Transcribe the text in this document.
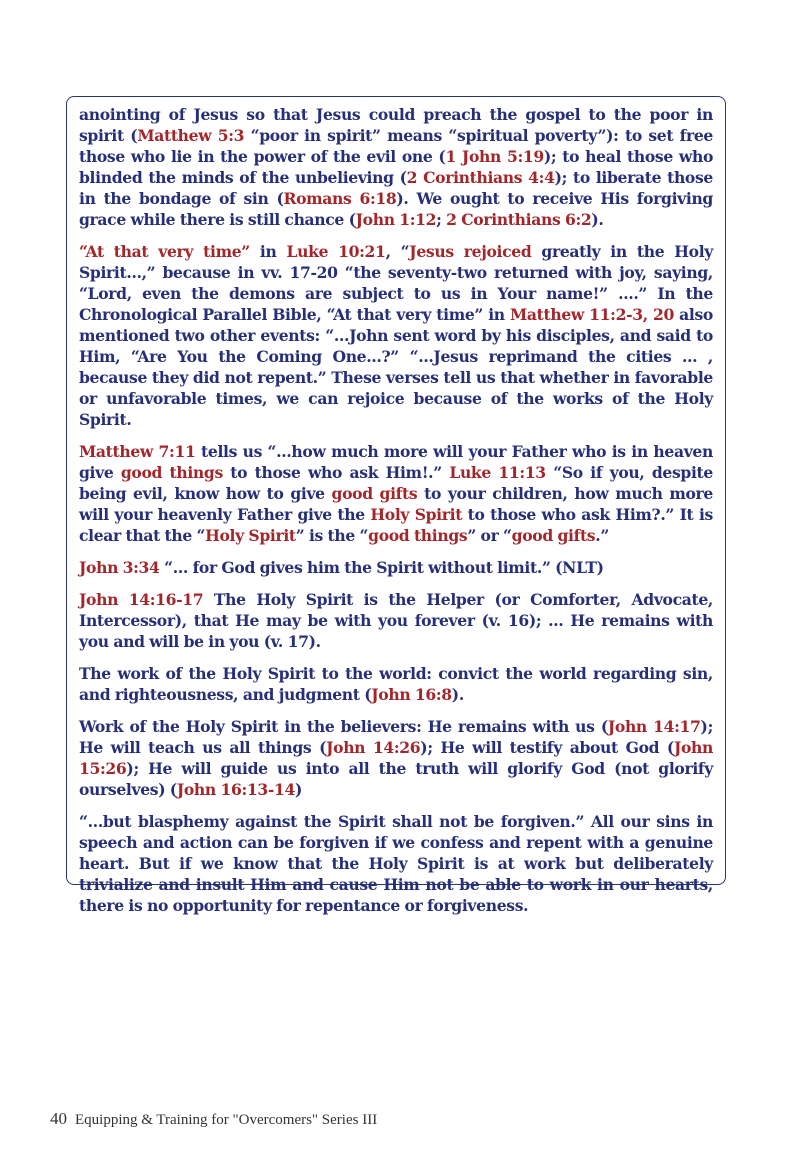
anointing of Jesus so that Jesus could preach the gospel to the poor in spirit (Matthew 5:3 “poor in spirit” means “spiritual poverty”): to set free those who lie in the power of the evil one (1 John 5:19); to heal those who blinded the minds of the unbelieving (2 Corinthians 4:4); to liberate those in the bondage of sin (Romans 6:18). We ought to receive His forgiving grace while there is still chance (John 1:12; 2 Corinthians 6:2).

“At that very time” in Luke 10:21, “Jesus rejoiced greatly in the Holy Spirit…,” because in vv. 17-20 “the seventy-two returned with joy, saying, “Lord, even the demons are subject to us in Your name!” ….” In the Chronological Parallel Bible, “At that very time” in Matthew 11:2-3, 20 also mentioned two other events: “…John sent word by his disciples, and said to Him, “Are You the Coming One…?” “…Jesus reprimand the cities … , because they did not repent.” These verses tell us that whether in favorable or unfavorable times, we can rejoice because of the works of the Holy Spirit.

Matthew 7:11 tells us “…how much more will your Father who is in heaven give good things to those who ask Him!.” Luke 11:13 “So if you, despite being evil, know how to give good gifts to your children, how much more will your heavenly Father give the Holy Spirit to those who ask Him?.” It is clear that the “Holy Spirit” is the “good things” or “good gifts.”

John 3:34 “… for God gives him the Spirit without limit.” (NLT)

John 14:16-17 The Holy Spirit is the Helper (or Comforter, Advocate, Intercessor), that He may be with you forever (v. 16); … He remains with you and will be in you (v. 17).

The work of the Holy Spirit to the world: convict the world regarding sin, and righteousness, and judgment (John 16:8).

Work of the Holy Spirit in the believers: He remains with us (John 14:17); He will teach us all things (John 14:26); He will testify about God (John 15:26); He will guide us into all the truth will glorify God (not glorify ourselves) (John 16:13-14)

“…but blasphemy against the Spirit shall not be forgiven.” All our sins in speech and action can be forgiven if we confess and repent with a genuine heart. But if we know that the Holy Spirit is at work but deliberately trivialize and insult Him and cause Him not be able to work in our hearts, there is no opportunity for repentance or forgiveness.

40 Equipping & Training for "Overcomers" Series III
